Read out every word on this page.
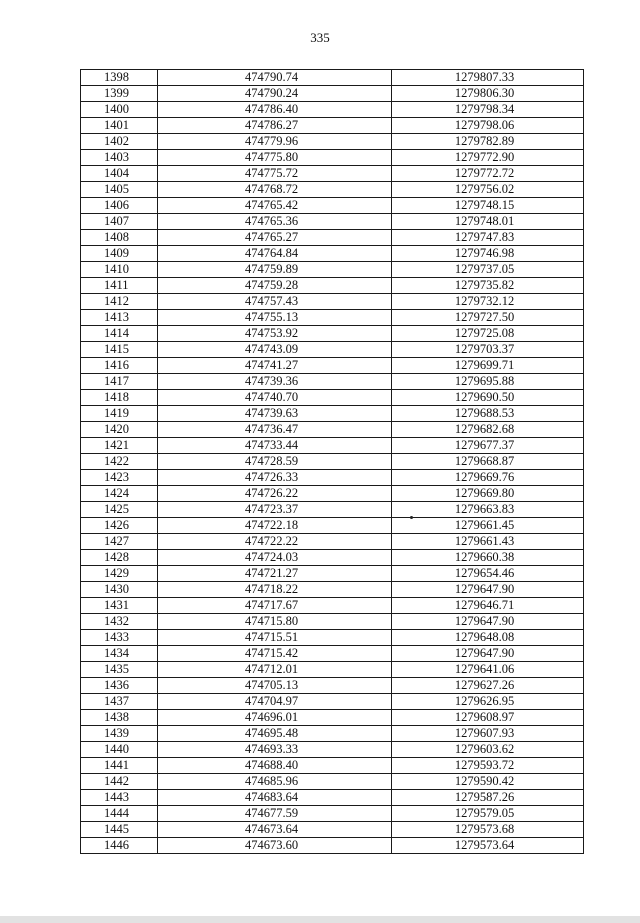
335
1398	474790.74	1279807.33
1399	474790.24	1279806.30
1400	474786.40	1279798.34
1401	474786.27	1279798.06
1402	474779.96	1279782.89
1403	474775.80	1279772.90
1404	474775.72	1279772.72
1405	474768.72	1279756.02
1406	474765.42	1279748.15
1407	474765.36	1279748.01
1408	474765.27	1279747.83
1409	474764.84	1279746.98
1410	474759.89	1279737.05
1411	474759.28	1279735.82
1412	474757.43	1279732.12
1413	474755.13	1279727.50
1414	474753.92	1279725.08
1415	474743.09	1279703.37
1416	474741.27	1279699.71
1417	474739.36	1279695.88
1418	474740.70	1279690.50
1419	474739.63	1279688.53
1420	474736.47	1279682.68
1421	474733.44	1279677.37
1422	474728.59	1279668.87
1423	474726.33	1279669.76
1424	474726.22	1279669.80
1425	474723.37	1279663.83
1426	474722.18	1279661.45
1427	474722.22	1279661.43
1428	474724.03	1279660.38
1429	474721.27	1279654.46
1430	474718.22	1279647.90
1431	474717.67	1279646.71
1432	474715.80	1279647.90
1433	474715.51	1279648.08
1434	474715.42	1279647.90
1435	474712.01	1279641.06
1436	474705.13	1279627.26
1437	474704.97	1279626.95
1438	474696.01	1279608.97
1439	474695.48	1279607.93
1440	474693.33	1279603.62
1441	474688.40	1279593.72
1442	474685.96	1279590.42
1443	474683.64	1279587.26
1444	474677.59	1279579.05
1445	474673.64	1279573.68
1446	474673.60	1279573.64
